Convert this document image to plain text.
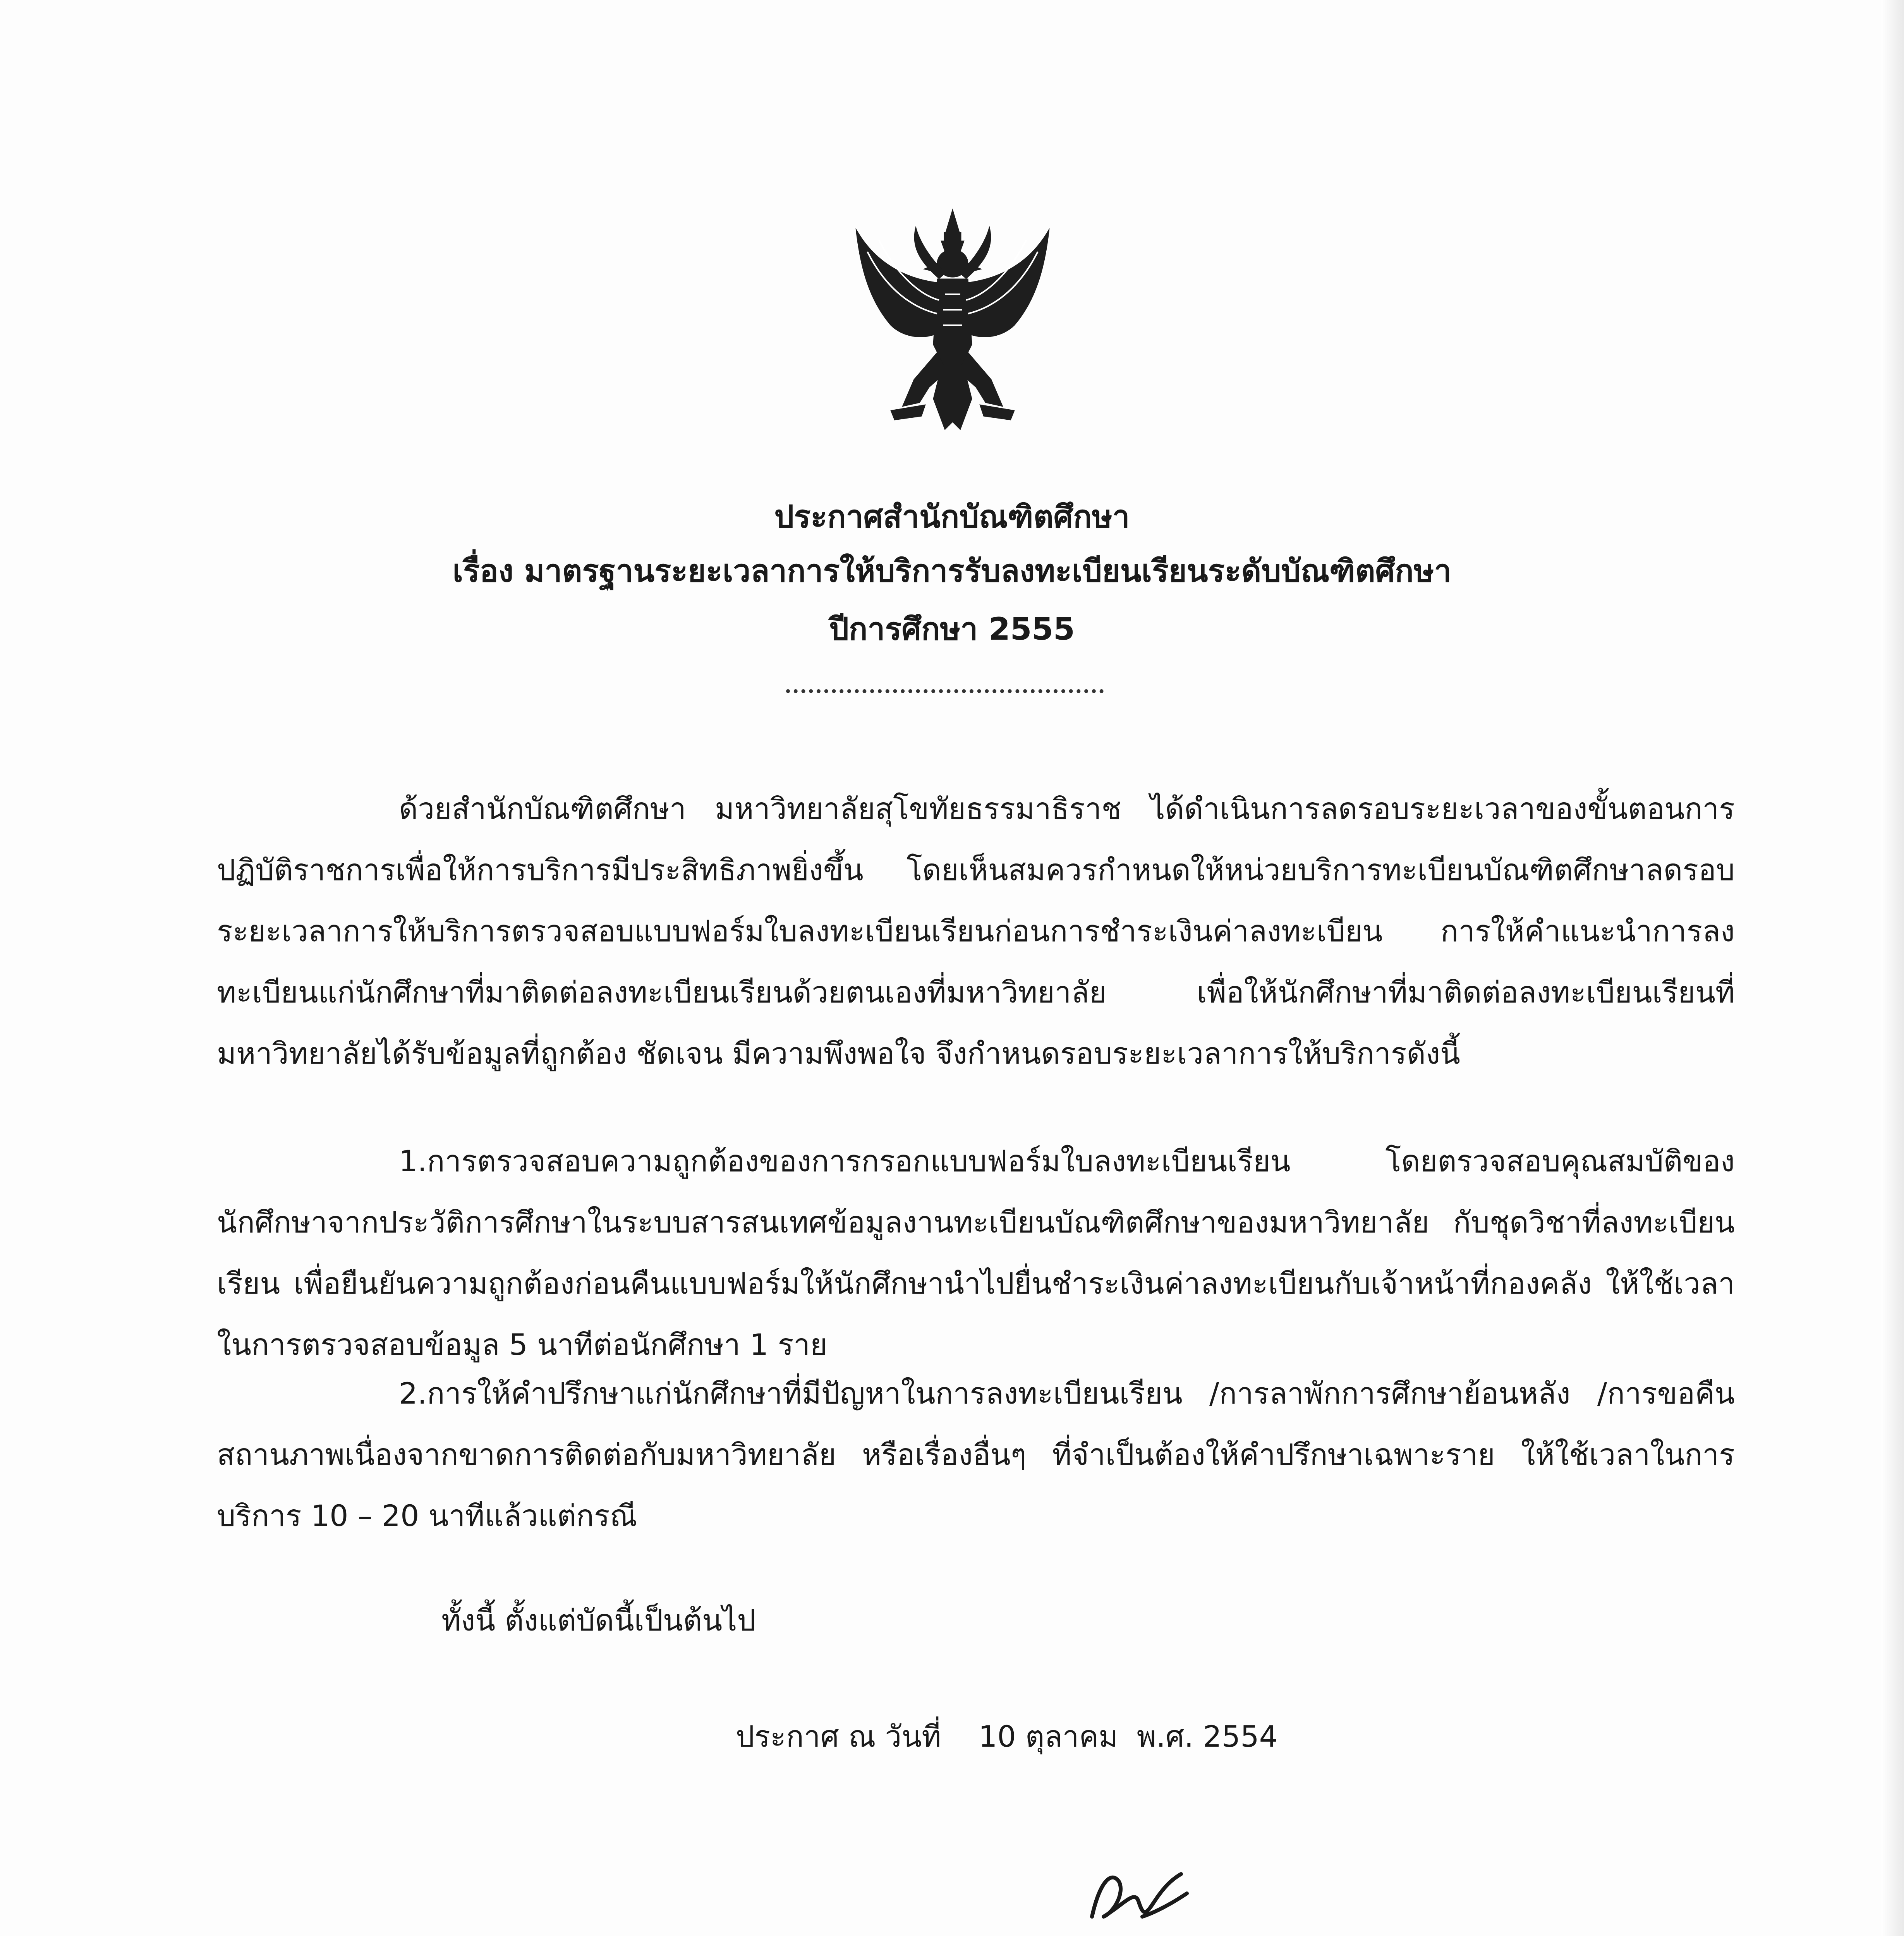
ประกาศสำนักบัณฑิตศึกษา
เรื่อง มาตรฐานระยะเวลาการให้บริการรับลงทะเบียนเรียนระดับบัณฑิตศึกษา
ปีการศึกษา 2555

ด้วยสำนักบัณฑิตศึกษา มหาวิทยาลัยสุโขทัยธรรมาธิราช ได้ดำเนินการลดรอบระยะเวลาของขั้นตอนการปฏิบัติราชการเพื่อให้การบริการมีประสิทธิภาพยิ่งขึ้น โดยเห็นสมควรกำหนดให้หน่วยบริการทะเบียนบัณฑิตศึกษาลดรอบระยะเวลาการให้บริการตรวจสอบแบบฟอร์มใบลงทะเบียนเรียนก่อนการชำระเงินค่าลงทะเบียน การให้คำแนะนำการลงทะเบียนแก่นักศึกษาที่มาติดต่อลงทะเบียนเรียนด้วยตนเองที่มหาวิทยาลัย เพื่อให้นักศึกษาที่มาติดต่อลงทะเบียนเรียนที่มหาวิทยาลัยได้รับข้อมูลที่ถูกต้อง ชัดเจน มีความพึงพอใจ จึงกำหนดรอบระยะเวลาการให้บริการดังนี้

1.การตรวจสอบความถูกต้องของการกรอกแบบฟอร์มใบลงทะเบียนเรียน โดยตรวจสอบคุณสมบัติของนักศึกษาจากประวัติการศึกษาในระบบสารสนเทศข้อมูลงานทะเบียนบัณฑิตศึกษาของมหาวิทยาลัย กับชุดวิชาที่ลงทะเบียนเรียน เพื่อยืนยันความถูกต้องก่อนคืนแบบฟอร์มให้นักศึกษานำไปยื่นชำระเงินค่าลงทะเบียนกับเจ้าหน้าที่กองคลัง ให้ใช้เวลาในการตรวจสอบข้อมูล 5 นาทีต่อนักศึกษา 1 ราย

2.การให้คำปรึกษาแก่นักศึกษาที่มีปัญหาในการลงทะเบียนเรียน /การลาพักการศึกษาย้อนหลัง /การขอคืนสถานภาพเนื่องจากขาดการติดต่อกับมหาวิทยาลัย หรือเรื่องอื่นๆ ที่จำเป็นต้องให้คำปรึกษาเฉพาะราย ให้ใช้เวลาในการบริการ 10 – 20 นาทีแล้วแต่กรณี

ทั้งนี้ ตั้งแต่บัดนี้เป็นต้นไป
ประกาศ ณ วันที่    10 ตุลาคม  พ.ศ. 2554
